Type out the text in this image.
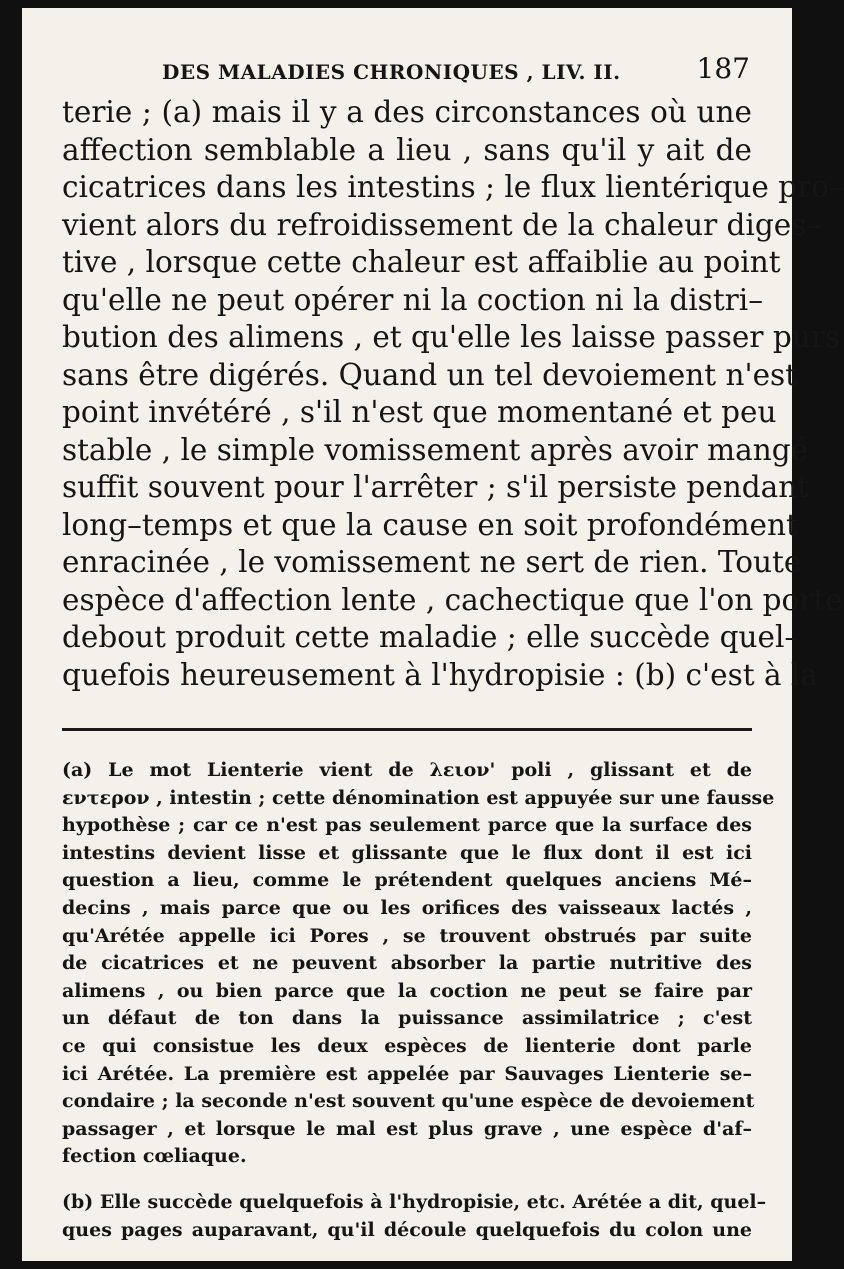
DES MALADIES CHRONIQUES , LIV. II.	187
terie ; (a) mais il y a des circonstances où une
affection semblable a lieu , sans qu'il y ait de
cicatrices dans les intestins ; le flux lientérique pro–
vient alors du refroidissement de la chaleur diges–
tive , lorsque cette chaleur est affaiblie au point
qu'elle ne peut opérer ni la coction ni la distri–
bution des alimens , et qu'elle les laisse passer purs
sans être digérés. Quand un tel devoiement n'est
point invétéré , s'il n'est que momentané et peu
stable , le simple vomissement après avoir mangé
suffit souvent pour l'arrêter ; s'il persiste pendant
long–temps et que la cause en soit profondément
enracinée , le vomissement ne sert de rien. Toute
espèce d'affection lente , cachectique que l'on porte
debout produit cette maladie ; elle succède quel–
quefois heureusement à l'hydropisie : (b) c'est à la
(a) Le mot Lienterie vient de λειον' poli , glissant et de
εντερον , intestin ; cette dénomination est appuyée sur une fausse
hypothèse ; car ce n'est pas seulement parce que la surface des
intestins devient lisse et glissante que le flux dont il est ici
question a lieu, comme le prétendent quelques anciens Mé–
decins , mais parce que ou les orifices des vaisseaux lactés ,
qu'Arétée appelle ici Pores , se trouvent obstrués par suite
de cicatrices et ne peuvent absorber la partie nutritive des
alimens , ou bien parce que la coction ne peut se faire par
un défaut de ton dans la puissance assimilatrice ; c'est
ce qui consistue les deux espèces de lienterie dont parle
ici Arétée. La première est appelée par Sauvages Lienterie se–
condaire ; la seconde n'est souvent qu'une espèce de devoiement
passager , et lorsque le mal est plus grave , une espèce d'af–
fection cœliaque.
(b) Elle succède quelquefois à l'hydropisie, etc. Arétée a dit, quel–
ques pages auparavant, qu'il découle quelquefois du colon une
